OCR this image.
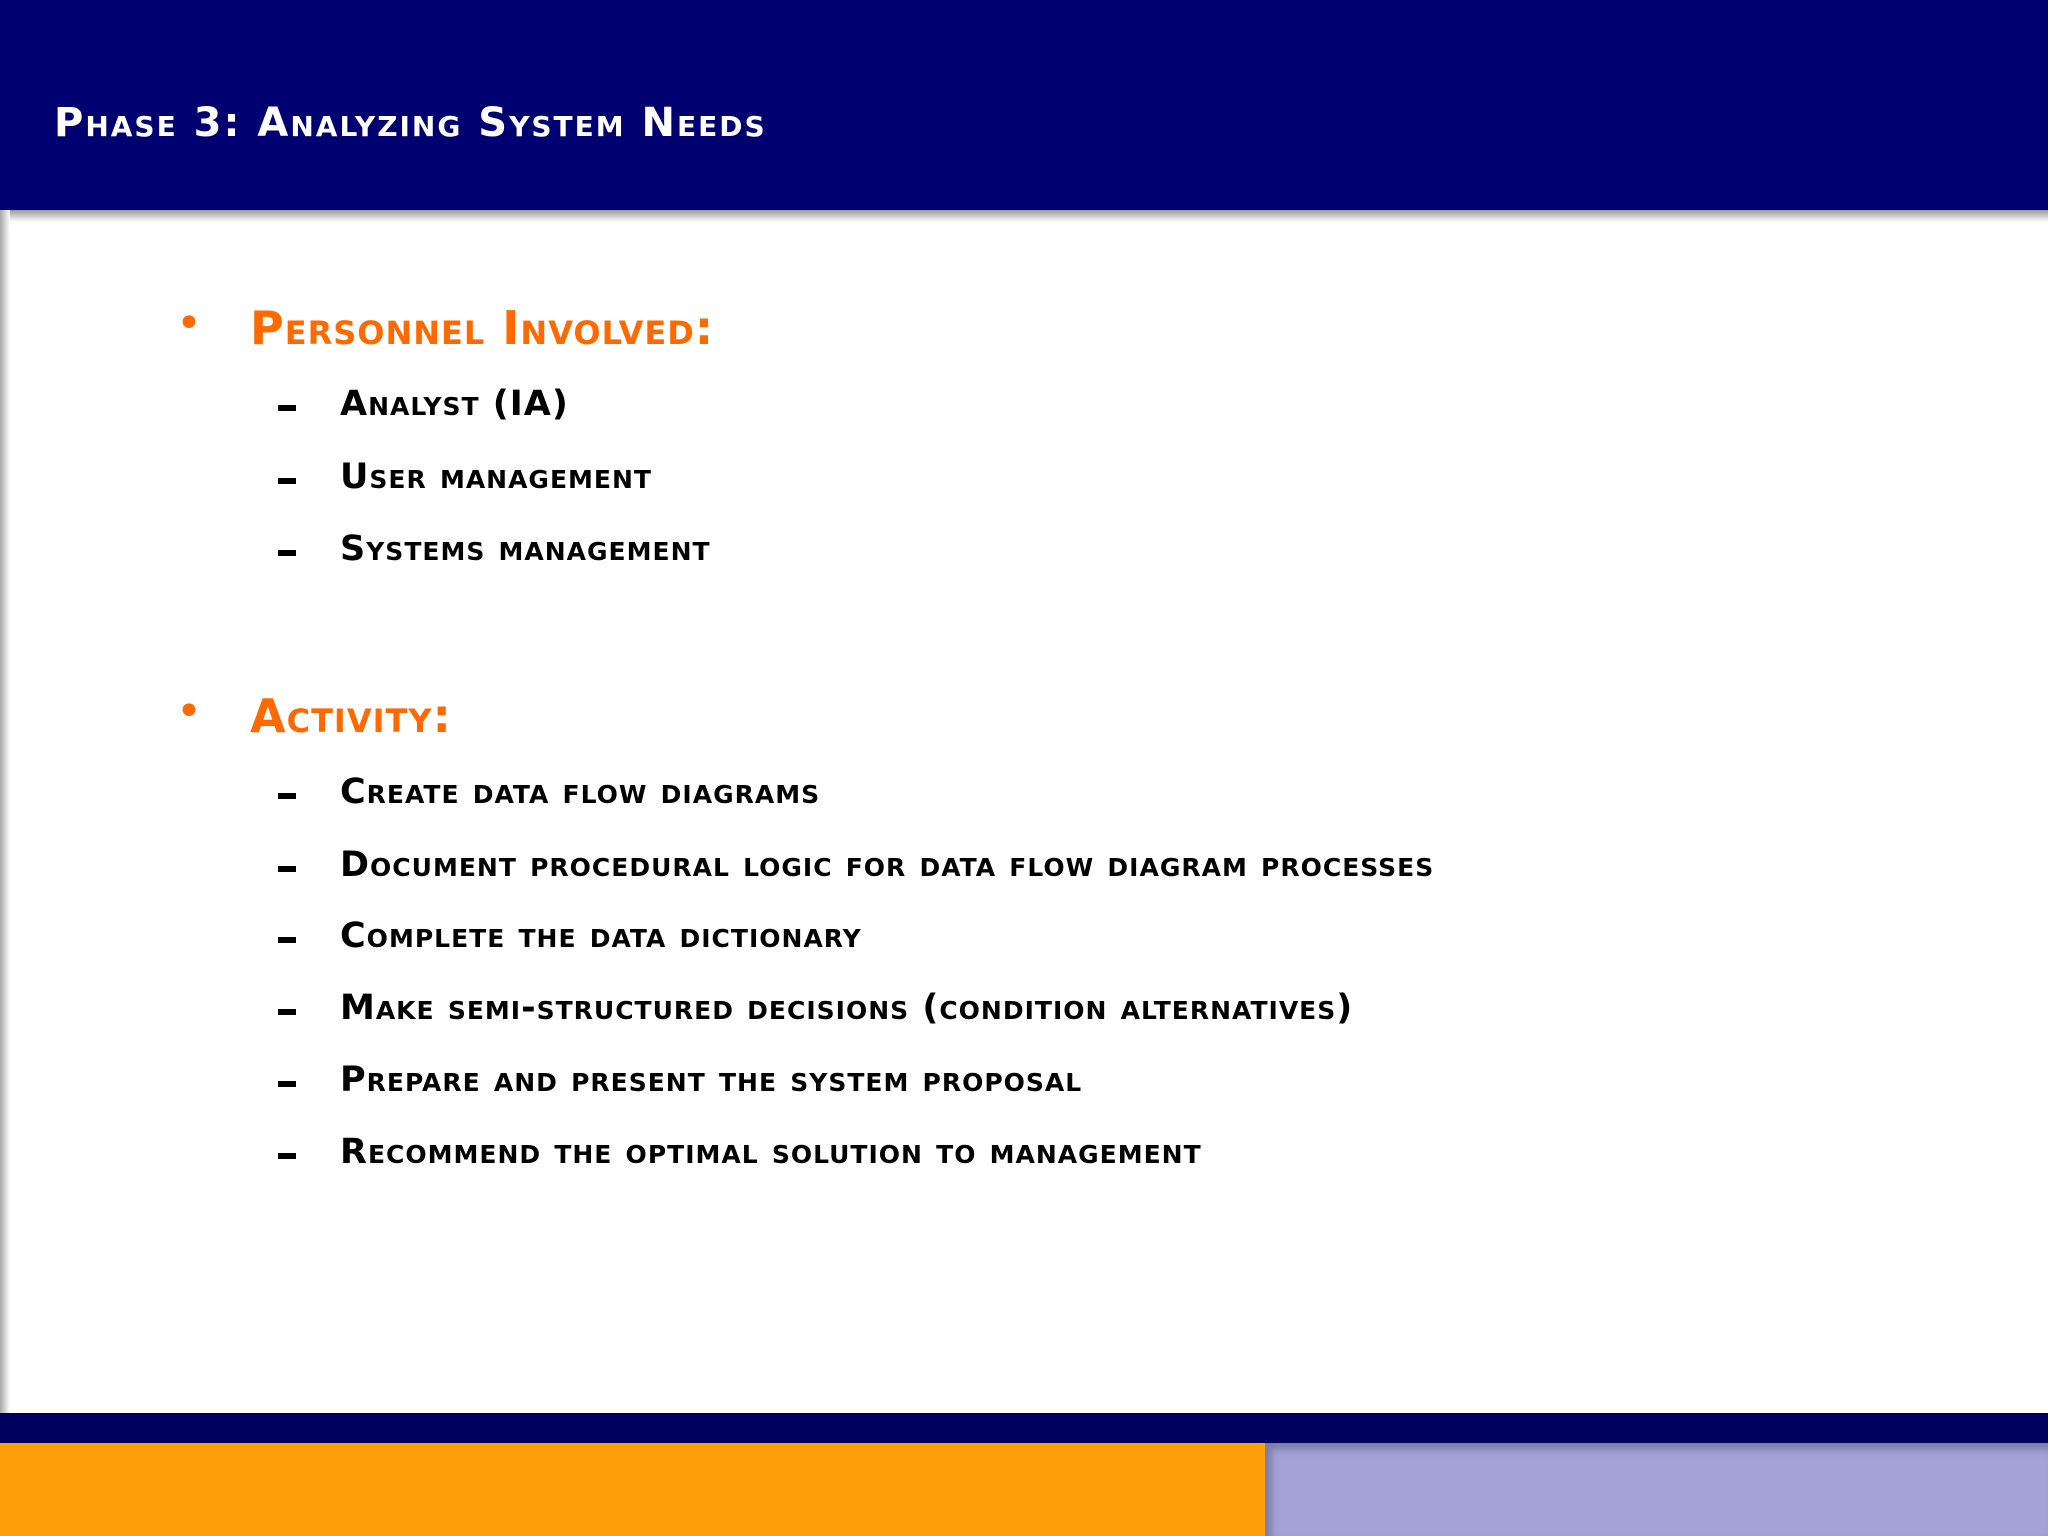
Phase 3: Analyzing System Needs
• Personnel Involved:
Analyst (IA)
User management
Systems management
• Activity:
Create data flow diagrams
Document procedural logic for data flow diagram processes
Complete the data dictionary
Make semi-structured decisions (condition alternatives)
Prepare and present the system proposal
Recommend the optimal solution to management
